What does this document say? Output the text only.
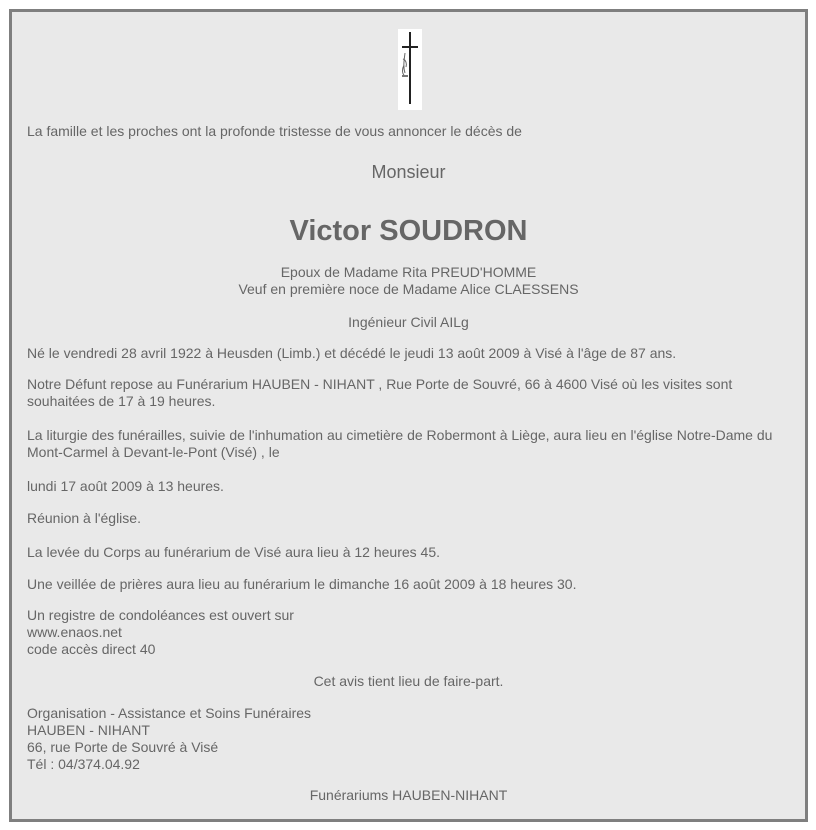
La famille et les proches ont la profonde tristesse de vous annoncer le décès de

Monsieur
Victor SOUDRON

Epoux de Madame Rita PREUD'HOMME

Veuf en première noce de Madame Alice CLAESSENS

Ingénieur Civil AILg

Né le vendredi 28 avril 1922 à Heusden (Limb.) et décédé le jeudi 13 août 2009 à Visé à l'âge de 87 ans.

Notre Défunt repose au Funérarium HAUBEN - NIHANT , Rue Porte de Souvré, 66 à 4600 Visé où les visites sont souhaitées de 17 à 19 heures.

La liturgie des funérailles, suivie de l'inhumation au cimetière de Robermont à Liège, aura lieu en l'église Notre-Dame du Mont-Carmel à Devant-le-Pont (Visé) , le

lundi 17 août 2009 à 13 heures.

Réunion à l'église.

La levée du Corps au funérarium de Visé aura lieu à 12 heures 45.

Une veillée de prières aura lieu au funérarium le dimanche 16 août 2009 à 18 heures 30.

Un registre de condoléances est ouvert sur

www.enaos.net

code accès direct 40

Cet avis tient lieu de faire-part.

Organisation - Assistance et Soins Funéraires

HAUBEN - NIHANT

66, rue Porte de Souvré à Visé

Tél : 04/374.04.92

Funérariums HAUBEN-NIHANT
